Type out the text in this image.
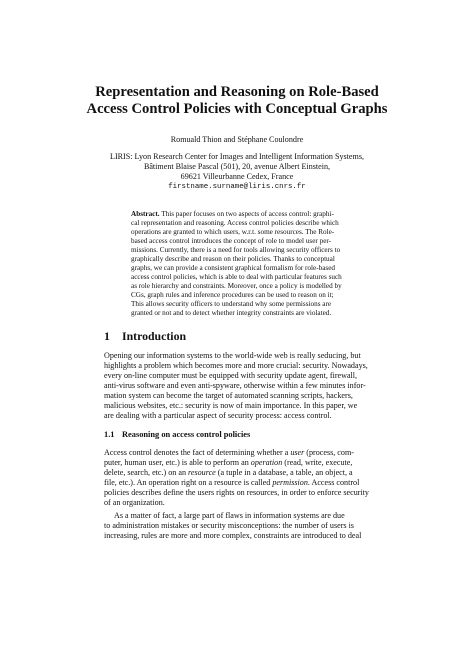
Representation and Reasoning on Role-Based
Access Control Policies with Conceptual Graphs
Romuald Thion and Stéphane Coulondre
LIRIS: Lyon Research Center for Images and Intelligent Information Systems,
Bâtiment Blaise Pascal (501), 20, avenue Albert Einstein,
69621 Villeurbanne Cedex, France
firstname.surname@liris.cnrs.fr
Abstract. This paper focuses on two aspects of access control: graphi-
cal representation and reasoning. Access control policies describe which
operations are granted to which users, w.r.t. some resources. The Role-
based access control introduces the concept of role to model user per-
missions. Currently, there is a need for tools allowing security officers to
graphically describe and reason on their policies. Thanks to conceptual
graphs, we can provide a consistent graphical formalism for role-based
access control policies, which is able to deal with particular features such
as role hierarchy and constraints. Moreover, once a policy is modelled by
CGs, graph rules and inference procedures can be used to reason on it;
This allows security officers to understand why some permissions are
granted or not and to detect whether integrity constraints are violated.
1 Introduction
Opening our information systems to the world-wide web is really seducing, but
highlights a problem which becomes more and more crucial: security. Nowadays,
every on-line computer must be equipped with security update agent, firewall,
anti-virus software and even anti-spyware, otherwise within a few minutes infor-
mation system can become the target of automated scanning scripts, hackers,
malicious websites, etc.: security is now of main importance. In this paper, we
are dealing with a particular aspect of security process: access control.
1.1 Reasoning on access control policies
Access control denotes the fact of determining whether a user (process, com-
puter, human user, etc.) is able to perform an operation (read, write, execute,
delete, search, etc.) on an resource (a tuple in a database, a table, an object, a
file, etc.). An operation right on a resource is called permission. Access control
policies describes define the users rights on resources, in order to enforce security
of an organization.
As a matter of fact, a large part of flaws in information systems are due
to administration mistakes or security misconceptions: the number of users is
increasing, rules are more and more complex, constraints are introduced to deal
